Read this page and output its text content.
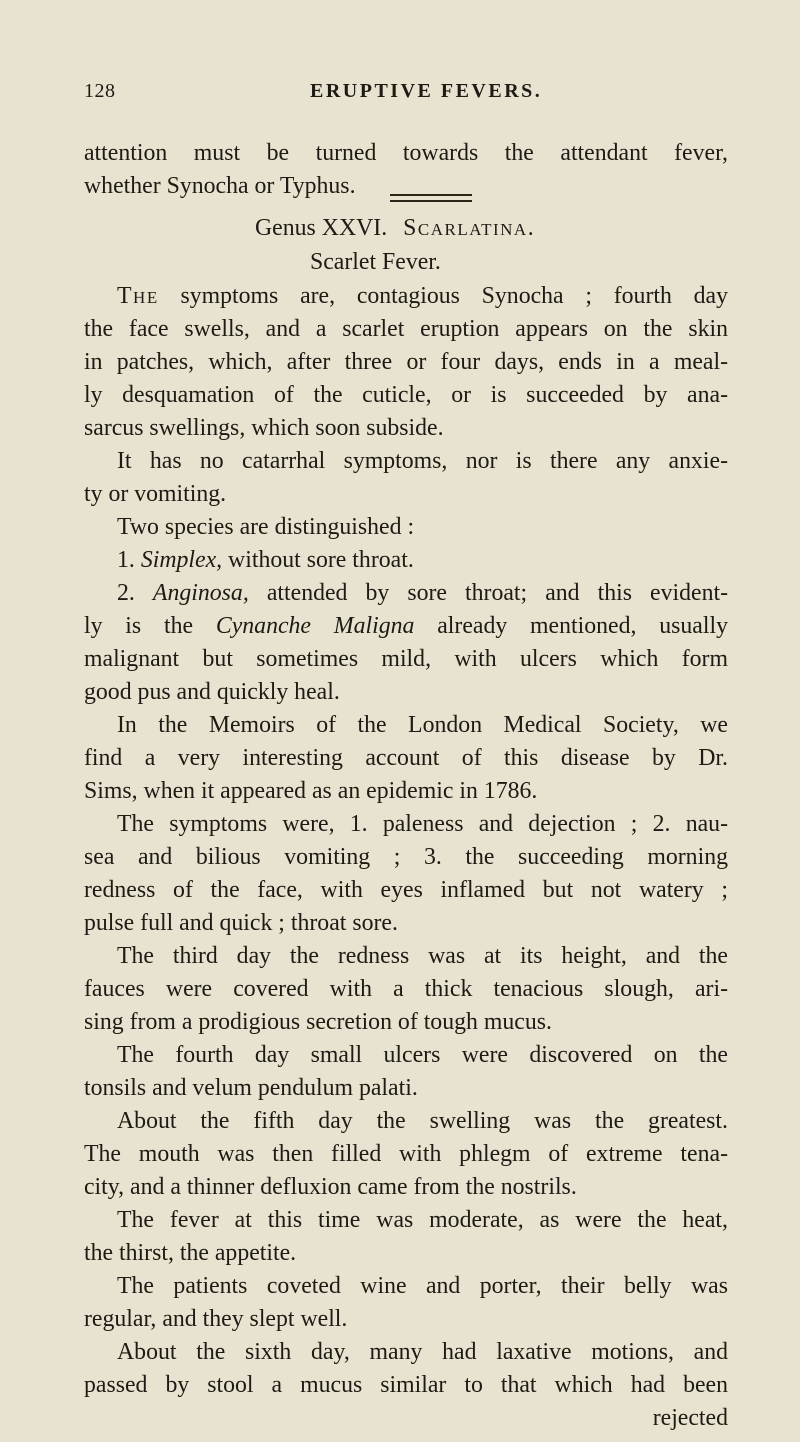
128	ERUPTIVE FEVERS.
attention must be turned towards the attendant fever,
whether Synocha or Typhus.
Genus XXVI. Scarlatina.
Scarlet Fever.
The symptoms are, contagious Synocha ; fourth day
the face swells, and a scarlet eruption appears on the skin
in patches, which, after three or four days, ends in a meal-
ly desquamation of the cuticle, or is succeeded by ana-
sarcus swellings, which soon subside.
It has no catarrhal symptoms, nor is there any anxie-
ty or vomiting.
Two species are distinguished :
1. Simplex, without sore throat.
2. Anginosa, attended by sore throat; and this evident-
ly is the Cynanche Maligna already mentioned, usually
malignant but sometimes mild, with ulcers which form
good pus and quickly heal.
In the Memoirs of the London Medical Society, we
find a very interesting account of this disease by Dr.
Sims, when it appeared as an epidemic in 1786.
The symptoms were, 1. paleness and dejection ; 2. nau-
sea and bilious vomiting ; 3. the succeeding morning
redness of the face, with eyes inflamed but not watery ;
pulse full and quick ; throat sore.
The third day the redness was at its height, and the
fauces were covered with a thick tenacious slough, ari-
sing from a prodigious secretion of tough mucus.
The fourth day small ulcers were discovered on the
tonsils and velum pendulum palati.
About the fifth day the swelling was the greatest.
The mouth was then filled with phlegm of extreme tena-
city, and a thinner defluxion came from the nostrils.
The fever at this time was moderate, as were the heat,
the thirst, the appetite.
The patients coveted wine and porter, their belly was
regular, and they slept well.
About the sixth day, many had laxative motions, and
passed by stool a mucus similar to that which had been
rejected
